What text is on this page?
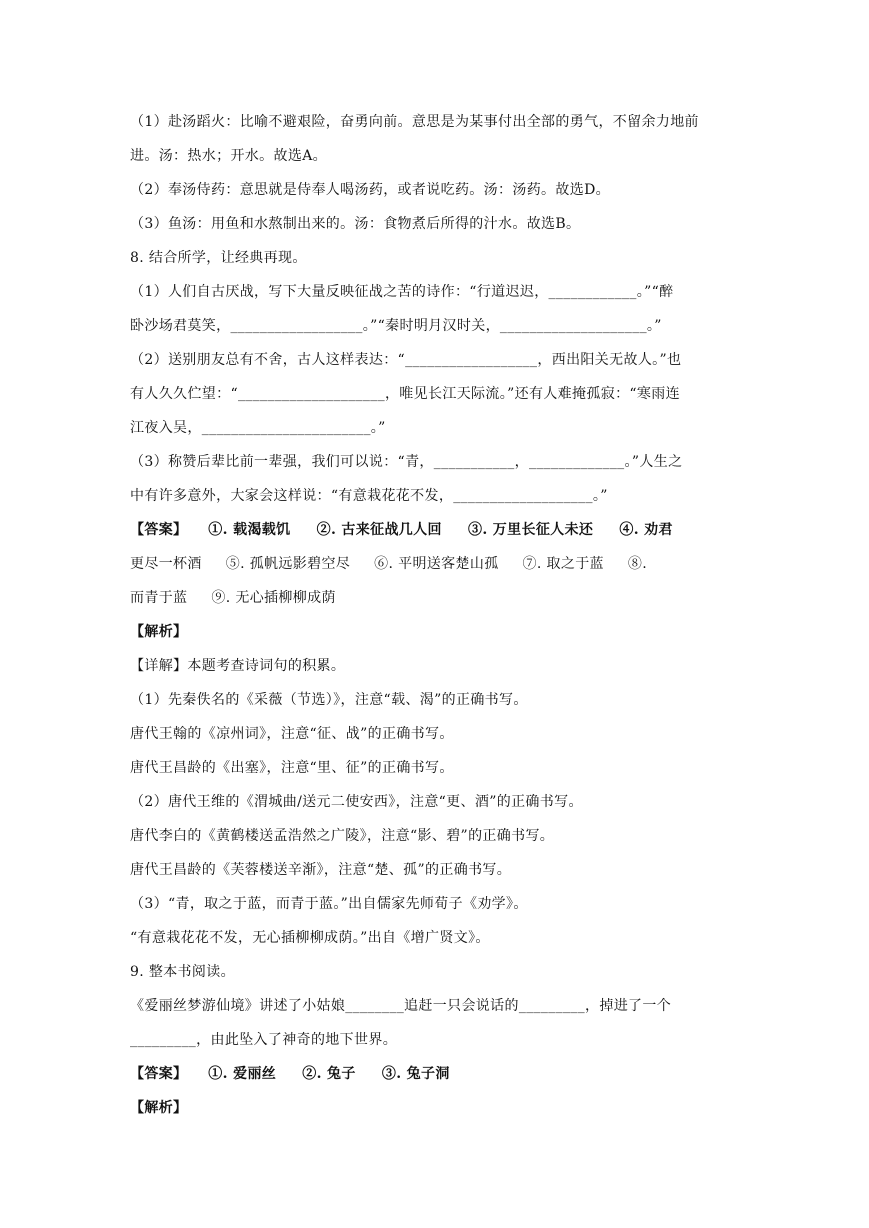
（1）赴汤蹈火：比喻不避艰险，奋勇向前。意思是为某事付出全部的勇气，不留余力地前
进。汤：热水；开水。故选A。
（2）奉汤侍药：意思就是侍奉人喝汤药，或者说吃药。汤：汤药。故选D。
（3）鱼汤：用鱼和水熬制出来的。汤：食物煮后所得的汁水。故选B。
8. 结合所学，让经典再现。
（1）人们自古厌战，写下大量反映征战之苦的诗作：“行道迟迟，____________。”“醉
卧沙场君莫笑，__________________。”“秦时明月汉时关，____________________。”
（2）送别朋友总有不舍，古人这样表达：“__________________，西出阳关无故人。”也
有人久久伫望：“____________________，唯见长江天际流。”还有人难掩孤寂：“寒雨连
江夜入吴，_______________________。”
（3）称赞后辈比前一辈强，我们可以说：“青，___________，_____________。”人生之
中有许多意外，大家会这样说：“有意栽花花不发，___________________。”
【答案】    ①. 载渴载饥     ②. 古来征战几人回     ③. 万里长征人未还     ④. 劝君
更尽一杯酒     ⑤. 孤帆远影碧空尽     ⑥. 平明送客楚山孤     ⑦. 取之于蓝     ⑧.
而青于蓝     ⑨. 无心插柳柳成荫
【解析】
【详解】本题考查诗词句的积累。
（1）先秦佚名的《采薇（节选）》，注意“载、渴”的正确书写。
唐代王翰的《凉州词》，注意“征、战”的正确书写。
唐代王昌龄的《出塞》，注意“里、征”的正确书写。
（2）唐代王维的《渭城曲/送元二使安西》，注意“更、酒”的正确书写。
唐代李白的《黄鹤楼送孟浩然之广陵》，注意“影、碧”的正确书写。
唐代王昌龄的《芙蓉楼送辛渐》，注意“楚、孤”的正确书写。
（3）“青，取之于蓝，而青于蓝。”出自儒家先师荀子《劝学》。
“有意栽花花不发，无心插柳柳成荫。”出自《增广贤文》。
9. 整本书阅读。
《爱丽丝梦游仙境》讲述了小姑娘________追赶一只会说话的_________，掉进了一个
_________，由此坠入了神奇的地下世界。
【答案】    ①. 爱丽丝     ②. 兔子     ③. 兔子洞
【解析】
